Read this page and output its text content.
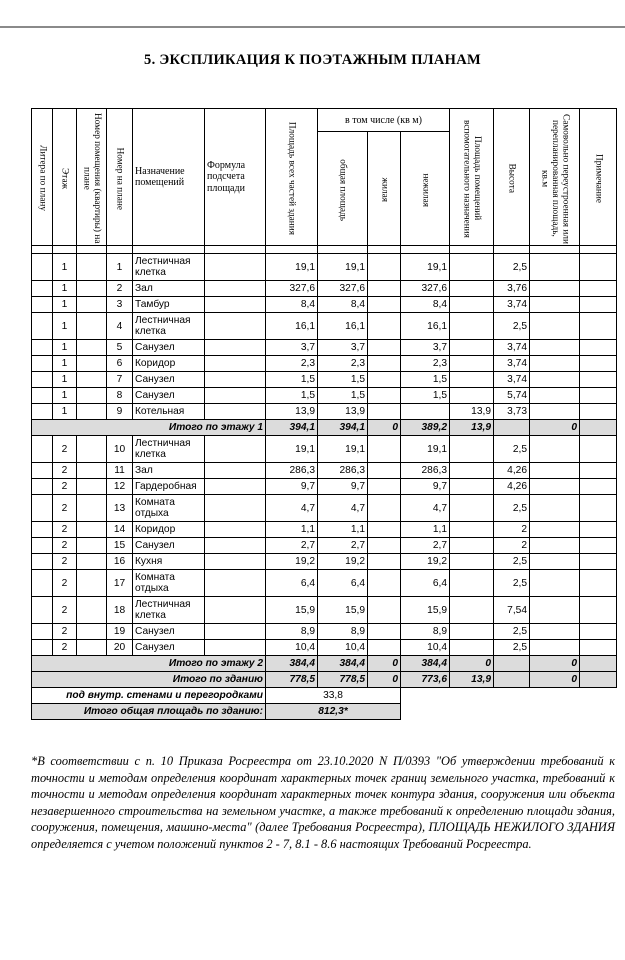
5. ЭКСПЛИКАЦИЯ К ПОЭТАЖНЫМ ПЛАНАМ
Литера по плану	Этаж	Номер помещения (квартиры) на плане	Номер на плане	Назначение помещений	Формула подсчета площади	Площадь всех частей здания	в том числе (кв м)			Площадь помещений вспомогательного назначения	Высота	Самовольно переустроенная или перепланированная площадь, кв.м	Примечание

							общая площадь	жилая	нежилая				

	1		1	Лестничная клетка		19,1	19,1		19,1		2,5		
	1		2	Зал		327,6	327,6		327,6		3,76		
	1		3	Тамбур		8,4	8,4		8,4		3,74		
	1		4	Лестничная клетка		16,1	16,1		16,1		2,5		
	1		5	Санузел		3,7	3,7		3,7		3,74		
	1		6	Коридор		2,3	2,3		2,3		3,74		
	1		7	Санузел		1,5	1,5		1,5		3,74		
	1		8	Санузел		1,5	1,5		1,5		5,74		
	1		9	Котельная		13,9	13,9			13,9	3,73		
Итого по этажу 1						394,1	394,1	0	389,2	13,9		0	
	2		10	Лестничная клетка		19,1	19,1		19,1		2,5		
	2		11	Зал		286,3	286,3		286,3		4,26		
	2		12	Гардеробная		9,7	9,7		9,7		4,26		
	2		13	Комната отдыха		4,7	4,7		4,7		2,5		
	2		14	Коридор		1,1	1,1		1,1		2		
	2		15	Санузел		2,7	2,7		2,7		2		
	2		16	Кухня		19,2	19,2		19,2		2,5		
	2		17	Комната отдыха		6,4	6,4		6,4		2,5		
	2		18	Лестничная клетка		15,9	15,9		15,9		7,54		
	2		19	Санузел		8,9	8,9		8,9		2,5		
	2		20	Санузел		10,4	10,4		10,4		2,5		
Итого по этажу 2						384,4	384,4	0	384,4	0		0	
Итого по зданию						778,5	778,5	0	773,6	13,9		0	
под внутр. стенами и перегородками						33,8							
Итого общая площадь по зданию:						812,3*							
*В соответствии с п. 10 Приказа Росреестра от 23.10.2020 N П/0393 "Об утверждении требований к точности и методам определения координат характерных точек границ земельного участка, требований к точности и методам определения координат характерных точек контура здания, сооружения или объекта незавершенного строительства на земельном участке, а также требований к определению площади здания, сооружения, помещения, машино-места" (далее Требования Росреестра), ПЛОЩАДЬ НЕЖИЛОГО ЗДАНИЯ определяется с учетом положений пунктов 2 - 7, 8.1 - 8.6 настоящих Требований Росреестра.
